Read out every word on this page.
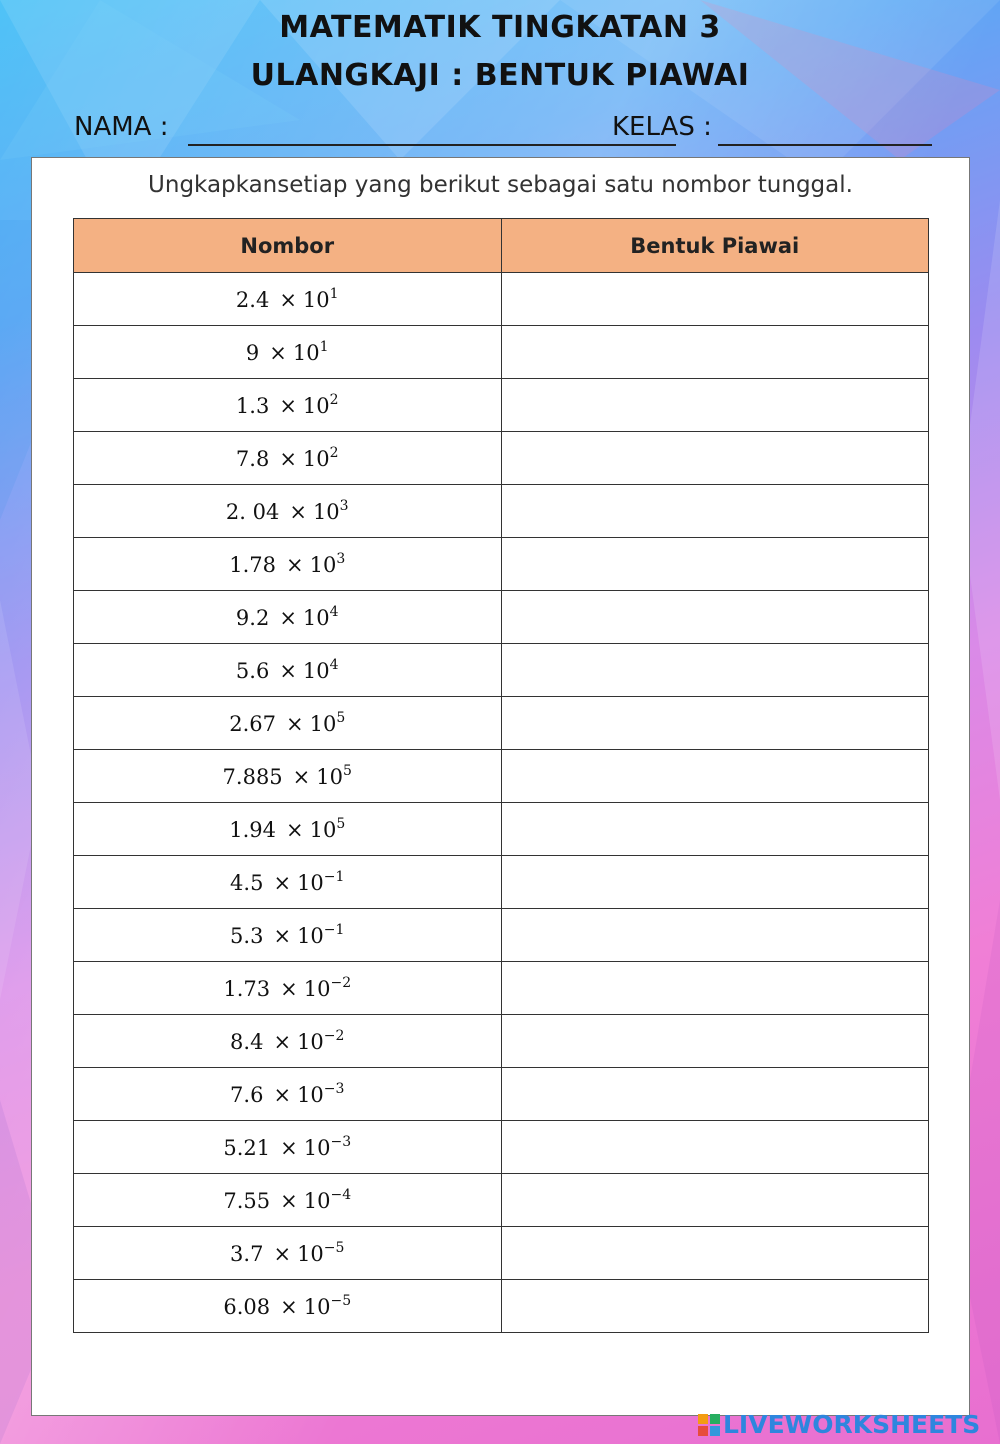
MATEMATIK TINGKATAN 3
ULANGKAJI : BENTUK PIAWAI
NAMA :	KELAS :
Ungkapkansetiap yang berikut sebagai satu nombor tunggal.
Nombor	Bentuk Piawai
$2.4 \times 10^1$	
$9 \times 10^1$	
$1.3 \times 10^2$	
$7.8 \times 10^2$	
2. $04 \times 10^3$	
$1.78 \times 10^3$	
$9.2 \times 10^4$	
$5.6 \times 10^4$	
$2.67 \times 10^5$	
$7.885 \times 10^5$	
$1.94 \times 10^5$	
$4.5 \times 10^{-1}$	
$5.3 \times 10^{-1}$	
$1.73 \times 10^{-2}$	
$8.4 \times 10^{-2}$	
$7.6 \times 10^{-3}$	
$5.21 \times 10^{-3}$	
$7.55 \times 10^{-4}$	
$3.7 \times 10^{-5}$	
$6.08 \times 10^{-5}$	
LIVEWORKSHEETS
